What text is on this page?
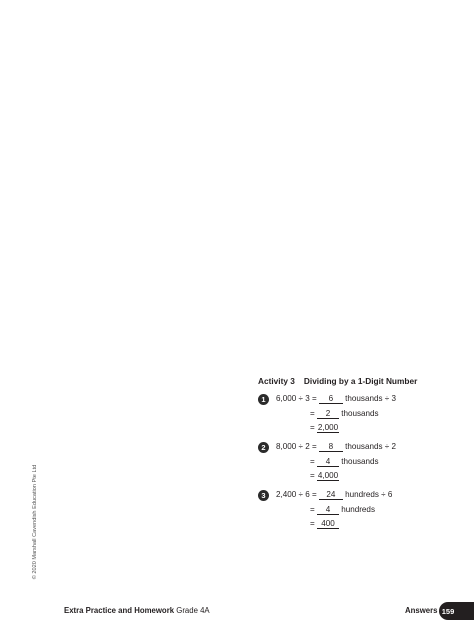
© 2020 Marshall Cavendish Education Pte Ltd
Activity 3 Dividing by a 1-Digit Number
1	6,000 ÷ 3 = 6 thousands ÷ 3
= 2 thousands
= 2,000
2	8,000 ÷ 2 = 8 thousands ÷ 2
= 4 thousands
= 4,000
3	2,400 ÷ 6 = 24 hundreds ÷ 6
= 4 hundreds
= 400
Extra Practice and Homework Grade 4A	Answers 159
